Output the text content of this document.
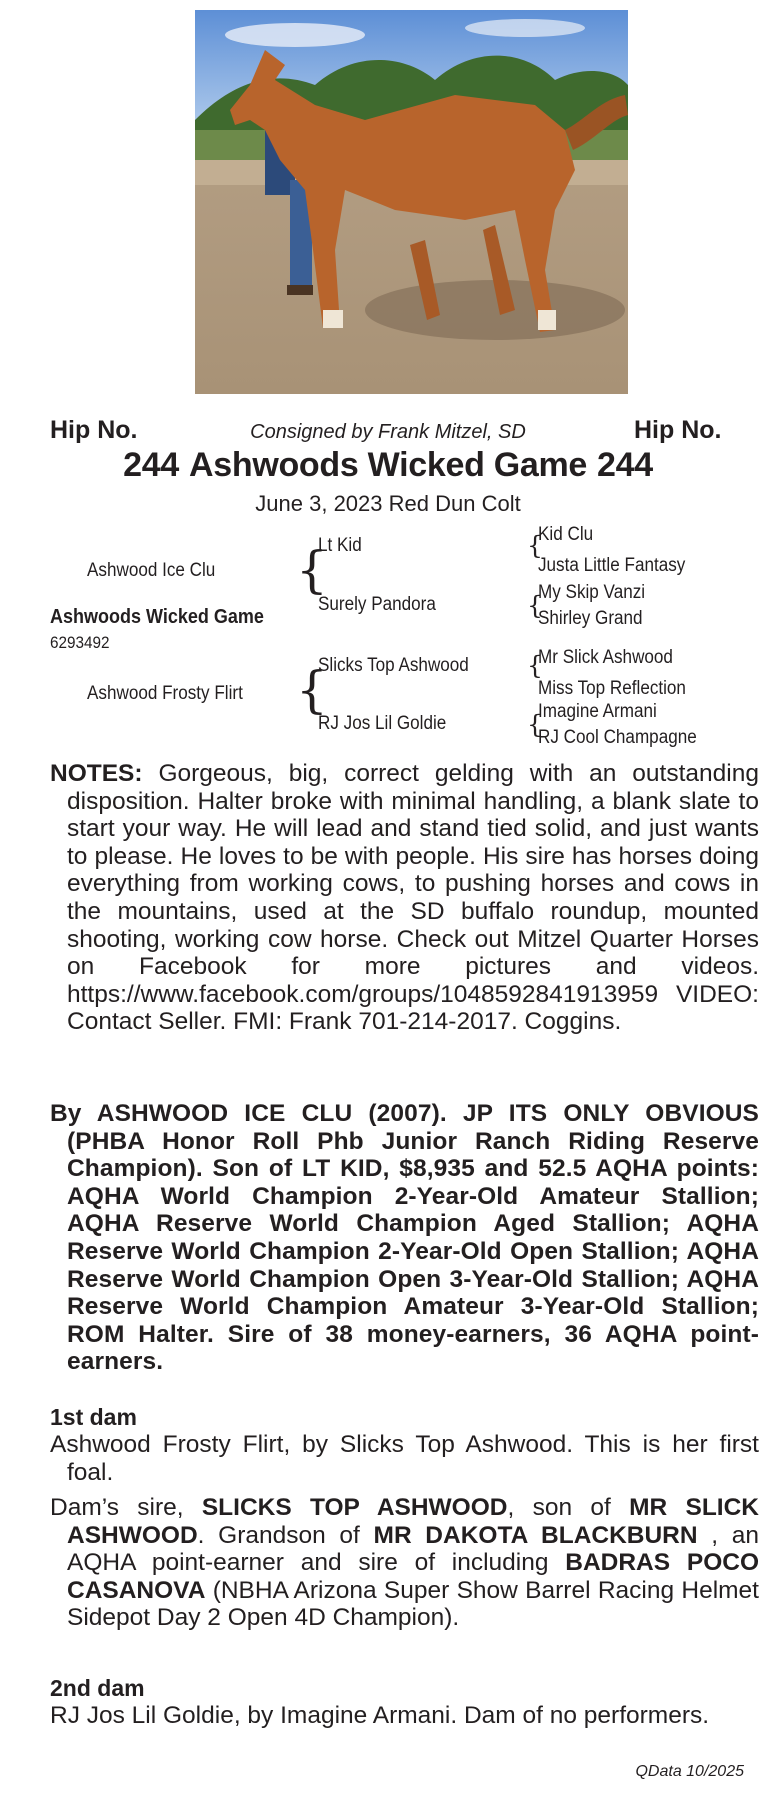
Hip No.	Consigned by Frank Mitzel, SD	Hip No.
244 Ashwoods Wicked Game 244
June 3, 2023 Red Dun Colt
Ashwood Ice Clu
Ashwoods Wicked Game
6293492
Ashwood Frosty Flirt
{
Lt Kid
Surely Pandora
{
Slicks Top Ashwood
RJ Jos Lil Goldie
{
Kid Clu
Justa Little Fantasy
{
My Skip Vanzi
Shirley Grand
{
Mr Slick Ashwood
Miss Top Reflection
{
Imagine Armani
RJ Cool Champagne
NOTES: Gorgeous, big, correct gelding with an outstanding disposition. Halter broke with minimal handling, a blank slate to start your way. He will lead and stand tied solid, and just wants to please. He loves to be with people. His sire has horses doing everything from working cows, to pushing horses and cows in the mountains, used at the SD buffalo roundup, mounted shooting, working cow horse. Check out Mitzel Quarter Horses on Facebook for more pictures and videos. https://www.facebook.com/groups/1048592841913959 VIDEO: Contact Seller. FMI: Frank 701-214-2017. Coggins.
By ASHWOOD ICE CLU (2007). JP ITS ONLY OBVIOUS (PHBA Honor Roll Phb Junior Ranch Riding Reserve Champion). Son of LT KID, $8,935 and 52.5 AQHA points: AQHA World Champion 2-Year-Old Amateur Stallion; AQHA Reserve World Champion Aged Stallion; AQHA Reserve World Champion 2-Year-Old Open Stallion; AQHA Reserve World Champion Open 3-Year-Old Stallion; AQHA Reserve World Champion Amateur 3-Year-Old Stallion; ROM Halter. Sire of 38 money-earners, 36 AQHA point-earners.
1st dam
Ashwood Frosty Flirt, by Slicks Top Ashwood. This is her first foal.
Dam’s sire, SLICKS TOP ASHWOOD, son of MR SLICK ASHWOOD. Grandson of MR DAKOTA BLACKBURN , an AQHA point-earner and sire of including BADRAS POCO CASANOVA (NBHA Arizona Super Show Barrel Racing Helmet Sidepot Day 2 Open 4D Champion).
2nd dam
RJ Jos Lil Goldie, by Imagine Armani. Dam of no performers.
QData 10/2025
